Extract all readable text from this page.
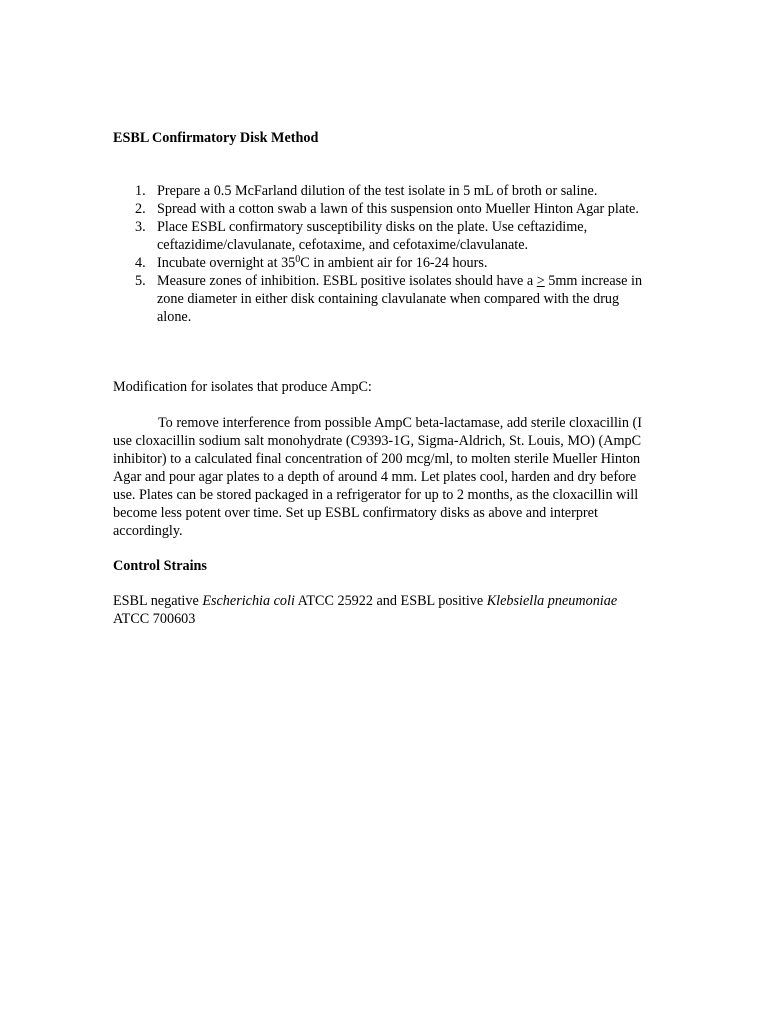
ESBL Confirmatory Disk Method
1. Prepare a 0.5 McFarland dilution of the test isolate in 5 mL of broth or saline.
2. Spread with a cotton swab a lawn of this suspension onto Mueller Hinton Agar plate.
3. Place ESBL confirmatory susceptibility disks on the plate. Use ceftazidime, ceftazidime/clavulanate, cefotaxime, and cefotaxime/clavulanate.
4. Incubate overnight at $35^0C$ in ambient air for 16-24 hours.
5. Measure zones of inhibition. ESBL positive isolates should have a ≥ 5mm increase in zone diameter in either disk containing clavulanate when compared with the drug alone.

Modification for isolates that produce AmpC:

To remove interference from possible AmpC beta-lactamase, add sterile cloxacillin (I use cloxacillin sodium salt monohydrate (C9393-1G, Sigma-Aldrich, St. Louis, MO) (AmpC inhibitor) to a calculated final concentration of 200 mcg/ml, to molten sterile Mueller Hinton Agar and pour agar plates to a depth of around 4 mm. Let plates cool, harden and dry before use. Plates can be stored packaged in a refrigerator for up to 2 months, as the cloxacillin will become less potent over time. Set up ESBL confirmatory disks as above and interpret accordingly.

Control Strains

ESBL negative Escherichia coli ATCC 25922 and ESBL positive Klebsiella pneumoniae ATCC 700603
